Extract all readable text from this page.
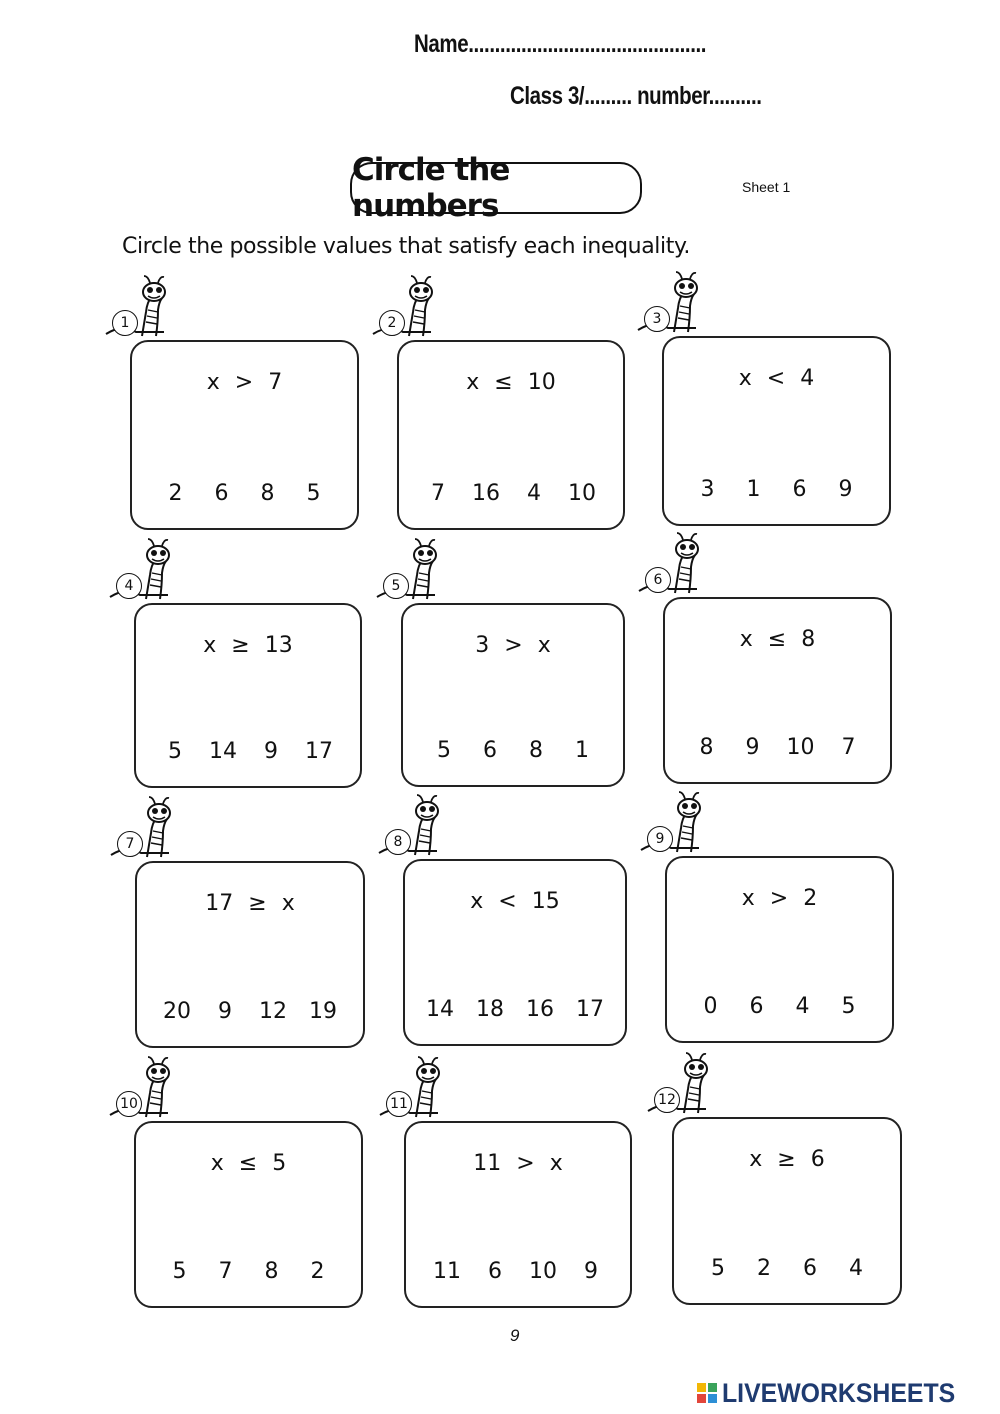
Name.............................................
Class 3/......... number..........
Circle the numbers
Sheet 1
Circle the possible values that satisfy each inequality.
1
x > 7
2 6 8 5
2
x ≤ 10
7 16 4 10
3
x < 4
3 1 6 9
4
x ≥ 13
5 14 9 17
5
3 > x
5 6 8 1
6
x ≤ 8
8 9 10 7
7
17 ≥ x
20 9 12 19
8
x < 15
14 18 16 17
9
x > 2
0 6 4 5
10
x ≤ 5
5 7 8 2
11
11 > x
11 6 10 9
12
x ≥ 6
5 2 6 4
9
LIVEWORKSHEETS
